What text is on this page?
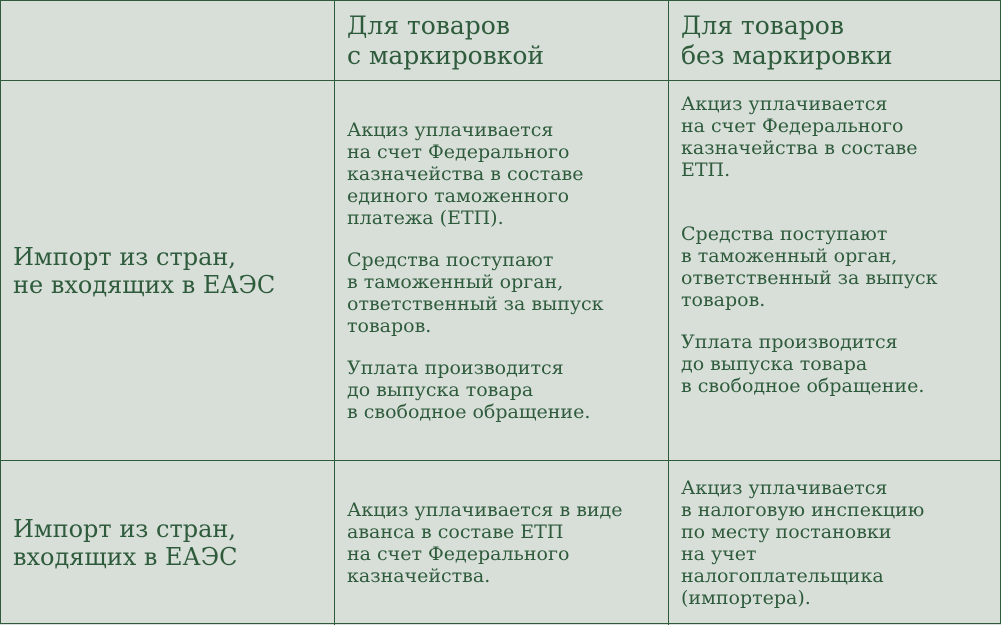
Для товаров
с маркировкой
Для товаров
без маркировки
Импорт из стран,
не входящих в ЕАЭС
Акциз уплачивается
на счет Федерального
казначейства в составе
единого таможенного
платежа (ЕТП).
Средства поступают
в таможенный орган,
ответственный за выпуск
товаров.
Уплата производится
до выпуска товара
в свободное обращение.
Акциз уплачивается
на счет Федерального
казначейства в составе
ЕТП.
Средства поступают
в таможенный орган,
ответственный за выпуск
товаров.
Уплата производится
до выпуска товара
в свободное обращение.
Импорт из стран,
входящих в ЕАЭС
Акциз уплачивается в виде
аванса в составе ЕТП
на счет Федерального
казначейства.
Акциз уплачивается
в налоговую инспекцию
по месту постановки
на учет
налогоплательщика
(импортера).
